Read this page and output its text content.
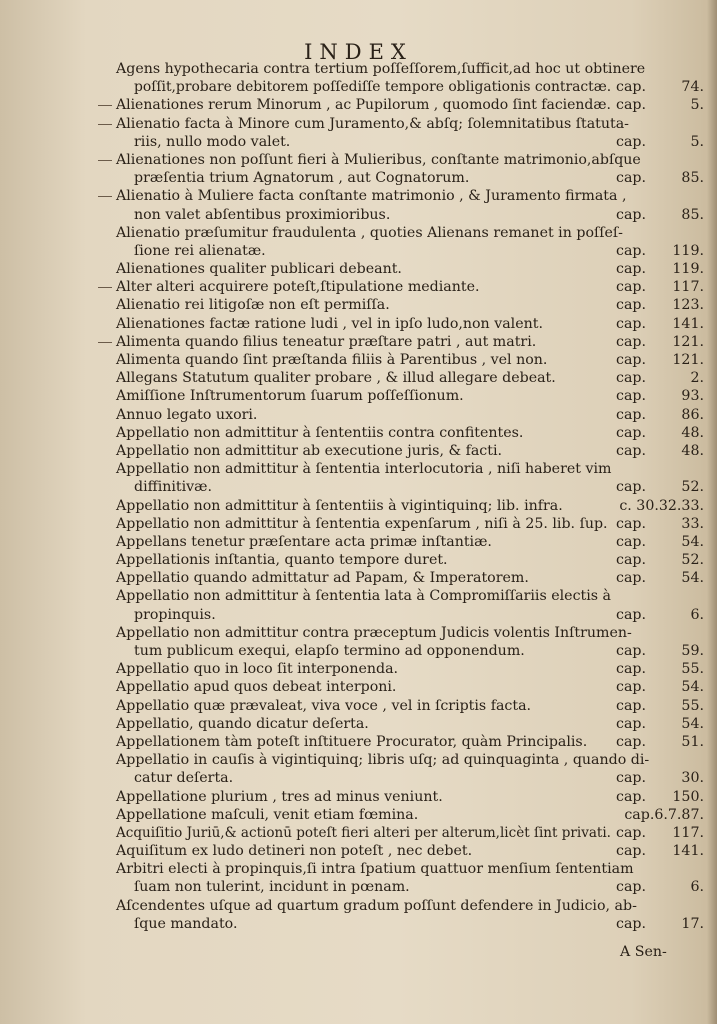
INDEX
Agens hypothecaria contra tertium poſſeſſorem,ſufficit,ad hoc ut obtinere
poſſit,probare debitorem poſſediſſe tempore obligationis contractæ. cap. 74.
Alienationes rerum Minorum , ac Pupilorum , quomodo ſint faciendæ. cap.	5.
Alienatio facta à Minore cum Juramento,& abſq; ſolemnitatibus ſtatuta-
riis, nullo modo valet.	cap.	5.
Alienationes non poſſunt fieri à Mulieribus, conſtante matrimonio,abſque
præſentia trium Agnatorum , aut Cognatorum.	cap. 85.
Alienatio à Muliere facta conſtante matrimonio , & Juramento firmata ,
non valet abſentibus proximioribus.	cap. 85.
Alienatio præſumitur fraudulenta , quoties Alienans remanet in poſſeſ-
ſione rei alienatæ.	cap. 119.
Alienationes qualiter publicari debeant.	cap. 119.
Alter alteri acquirere poteſt,ſtipulatione mediante.	cap. 117.
Alienatio rei litigoſæ non eſt permiſſa.	cap. 123.
Alienationes factæ ratione ludi , vel in ipſo ludo,non valent.	cap. 141.
Alimenta quando filius teneatur præſtare patri , aut matri.	cap. 121.
Alimenta quando ſint præſtanda filiis à Parentibus , vel non.	cap. 121.
Allegans Statutum qualiter probare , & illud allegare debeat.	cap.	2.
Amiſſione Inſtrumentorum ſuarum poſſeſſionum.	cap. 93.
Annuo legato uxori.	cap. 86.
Appellatio non admittitur à ſententiis contra confitentes.	cap. 48.
Appellatio non admittitur ab executione juris, & facti.	cap. 48.
Appellatio non admittitur à ſententia interlocutoria , niſi haberet vim
diffinitivæ.	cap. 52.
Appellatio non admittitur à ſententiis à vigintiquinq; lib. infra.	c. 30.32.33.
Appellatio non admittitur à ſententia expenſarum , niſi à 25. lib. ſup. cap. 33.
Appellans tenetur præſentare acta primæ inſtantiæ.	cap. 54.
Appellationis inſtantia, quanto tempore duret.	cap. 52.
Appellatio quando admittatur ad Papam, & Imperatorem.	cap. 54.
Appellatio non admittitur à ſententia lata à Compromiſſariis electis à
propinquis.	cap.	6.
Appellatio non admittitur contra præceptum Judicis volentis Inſtrumen-
tum publicum exequi, elapſo termino ad opponendum.	cap. 59.
Appellatio quo in loco ſit interponenda.	cap. 55.
Appellatio apud quos debeat interponi.	cap. 54.
Appellatio quæ prævaleat, viva voce , vel in ſcriptis facta.	cap. 55.
Appellatio, quando dicatur deſerta.	cap. 54.
Appellationem tàm poteſt inſtituere Procurator, quàm Principalis. cap. 51.
Appellatio in cauſis à vigintiquinq; libris uſq; ad quinquaginta , quando di-
catur deſerta.	cap. 30.
Appellatione plurium , tres ad minus veniunt.	cap. 150.
Appellatione maſculi, venit etiam fœmina.	cap.6.7.87.
Acquiſitio Juriū,& actionū poteſt fieri alteri per alterum,licèt ſint privati. cap. 117.
Aquiſitum ex ludo detineri non poteſt , nec debet.	cap. 141.
Arbitri electi à propinquis,ſi intra ſpatium quattuor menſium ſententiam
ſuam non tulerint, incidunt in pœnam.	cap.	6.
Aſcendentes uſque ad quartum gradum poſſunt defendere in Judicio, ab-
ſque mandato.	cap. 17.
A Sen-
